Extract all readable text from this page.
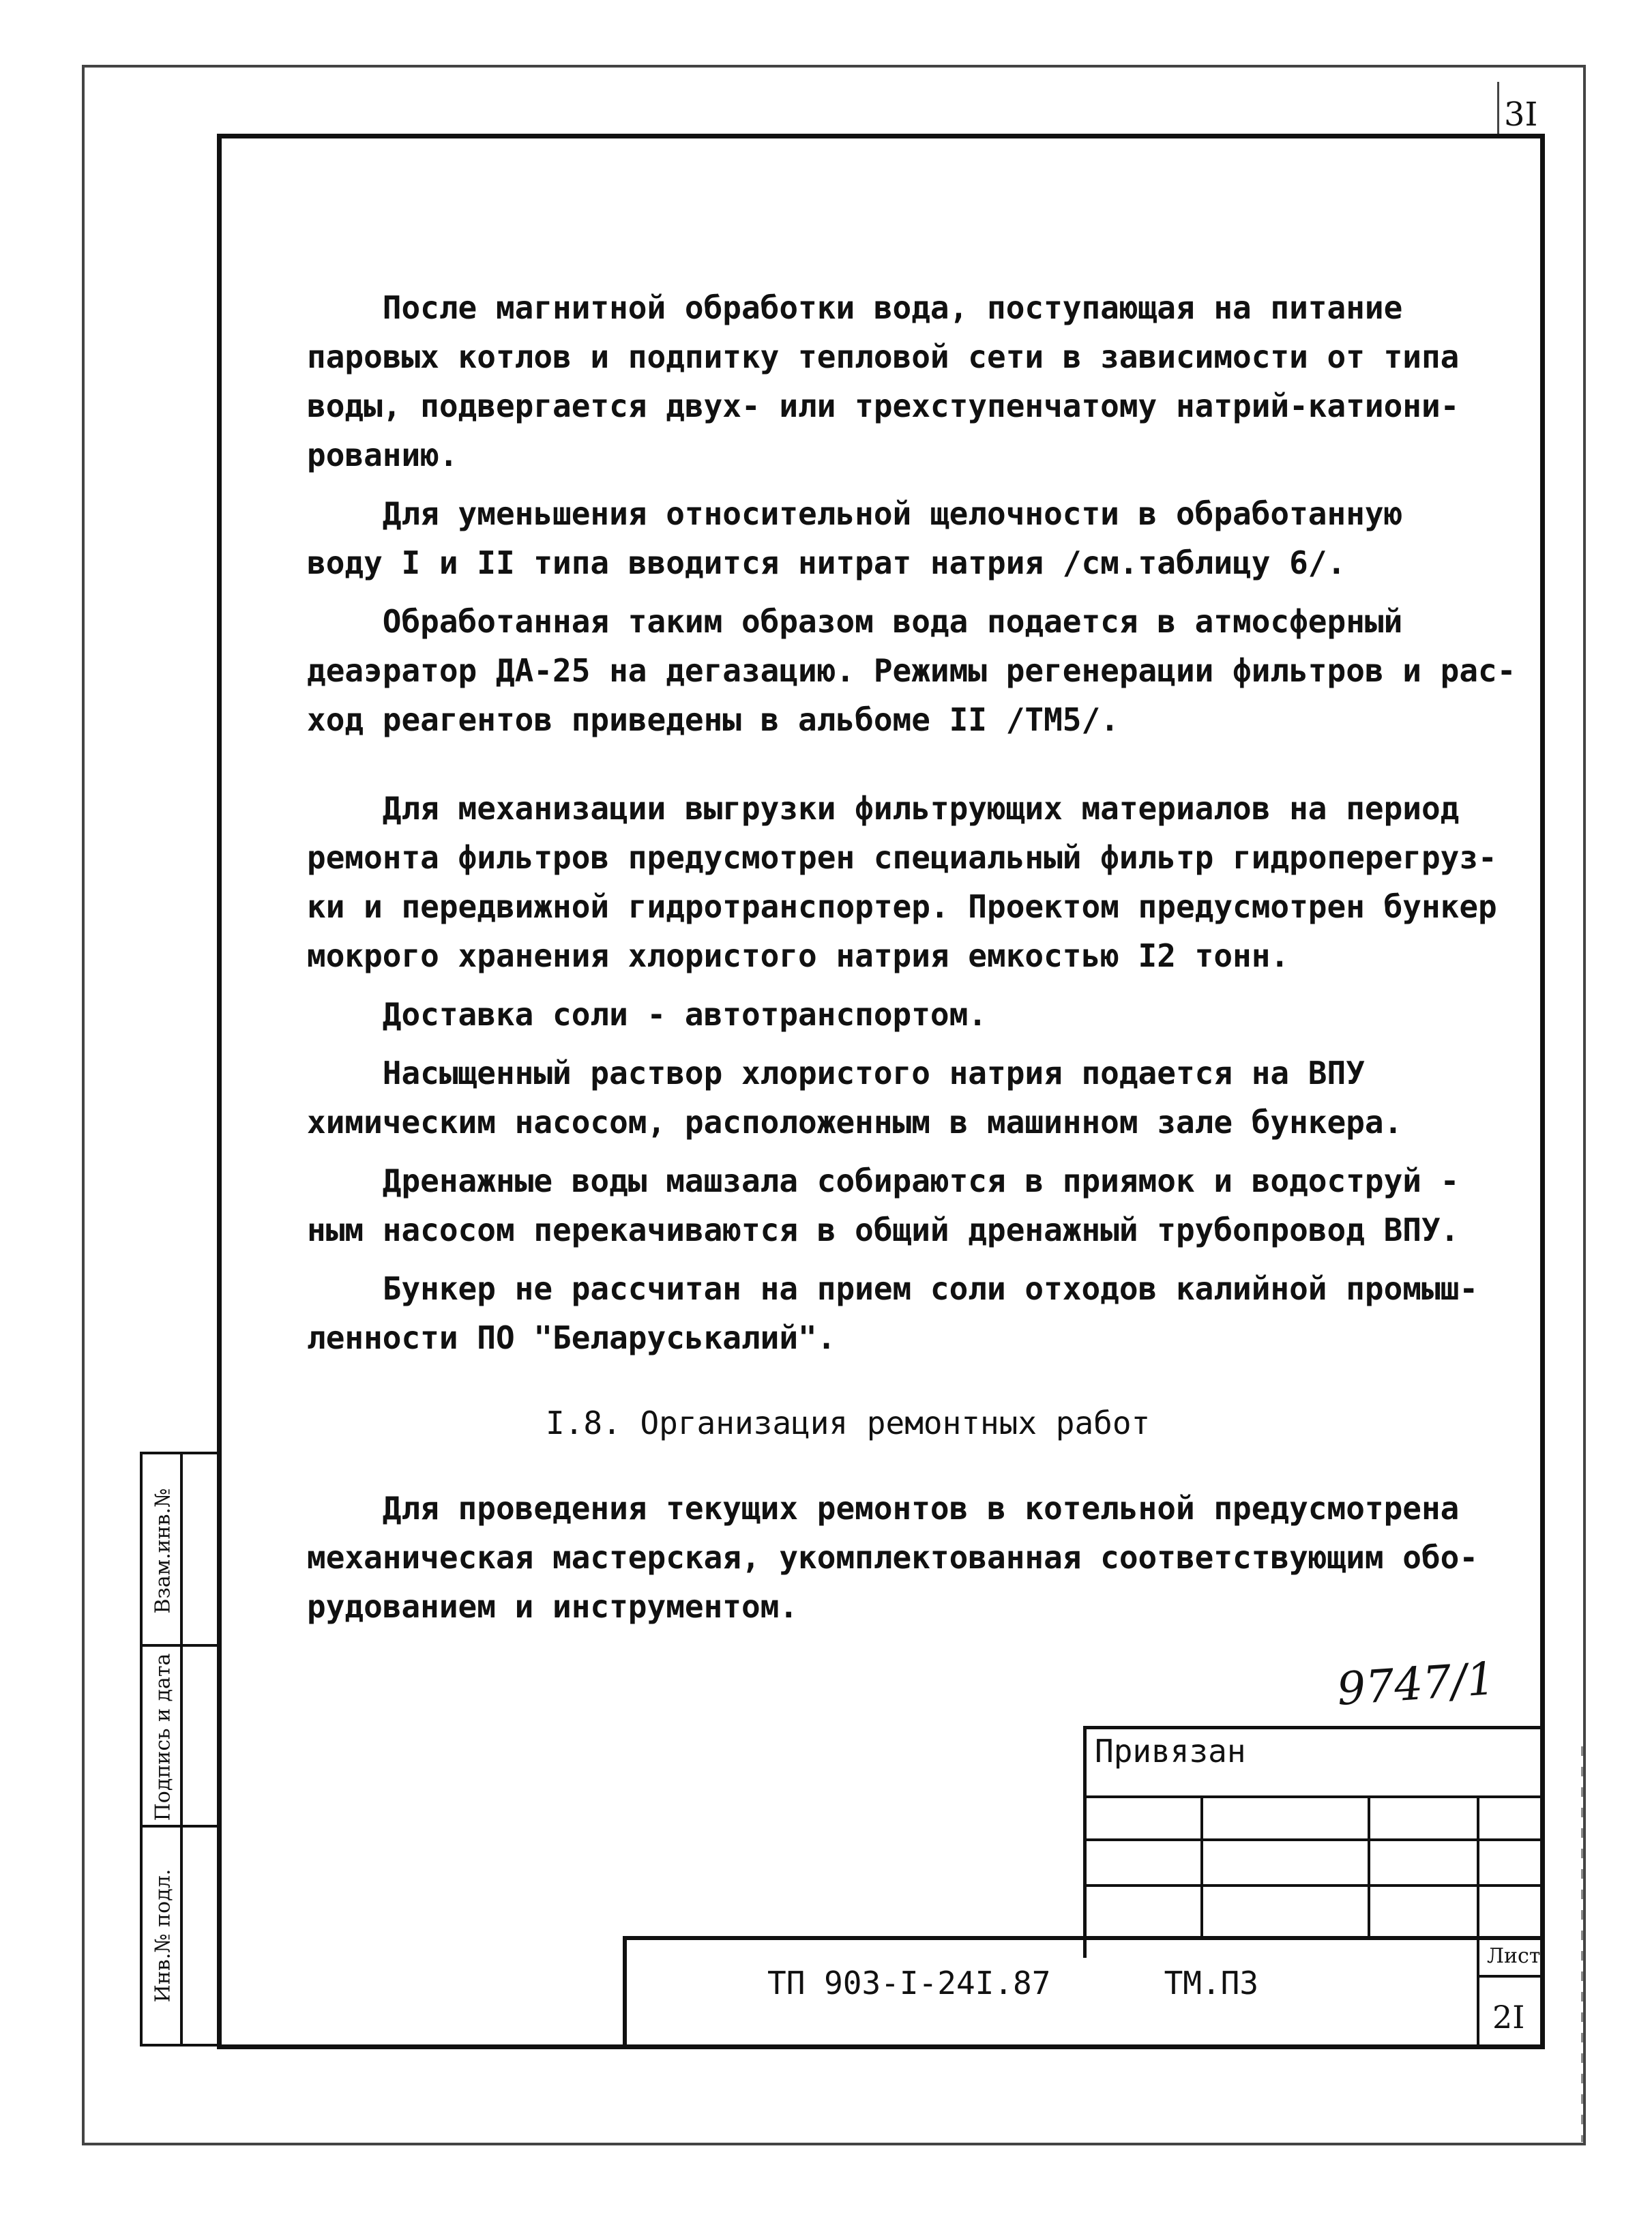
3I

После магнитной обработки вода, поступающая на питание
паровых котлов и подпитку тепловой сети в зависимости от типа
воды, подвергается двух- или трехступенчатому натрий-катиони-
рованию.

Для уменьшения относительной щелочности в обработанную
воду I и II типа вводится нитрат натрия /см.таблицу 6/.

Обработанная таким образом вода подается в атмосферный
деаэратор ДА-25 на дегазацию. Режимы регенерации фильтров и рас-
ход реагентов приведены в альбоме II /ТМ5/.

Для механизации выгрузки фильтрующих материалов на период
ремонта фильтров предусмотрен специальный фильтр гидроперегруз-
ки и передвижной гидротранспортер. Проектом предусмотрен бункер
мокрого хранения хлористого натрия емкостью I2 тонн.

Доставка соли - автотранспортом.

Насыщенный раствор хлористого натрия подается на ВПУ
химическим насосом, расположенным в машинном зале бункера.

Дренажные воды машзала собираются в приямок и водоструй -
ным насосом перекачиваются в общий дренажный трубопровод ВПУ.

Бункер не рассчитан на прием соли отходов калийной промыш-
ленности ПО "Беларуськалий".

I.8. Организация ремонтных работ
Для проведения текущих ремонтов в котельной предусмотрена
механическая мастерская, укомплектованная соответствующим обо-
рудованием и инструментом.
Взам.инв.№
Подпись и дата
Инв.№ подл.
9747/1
Привязан
ТП 903-I-24I.87      ТМ.ПЗ
Лист
2I
